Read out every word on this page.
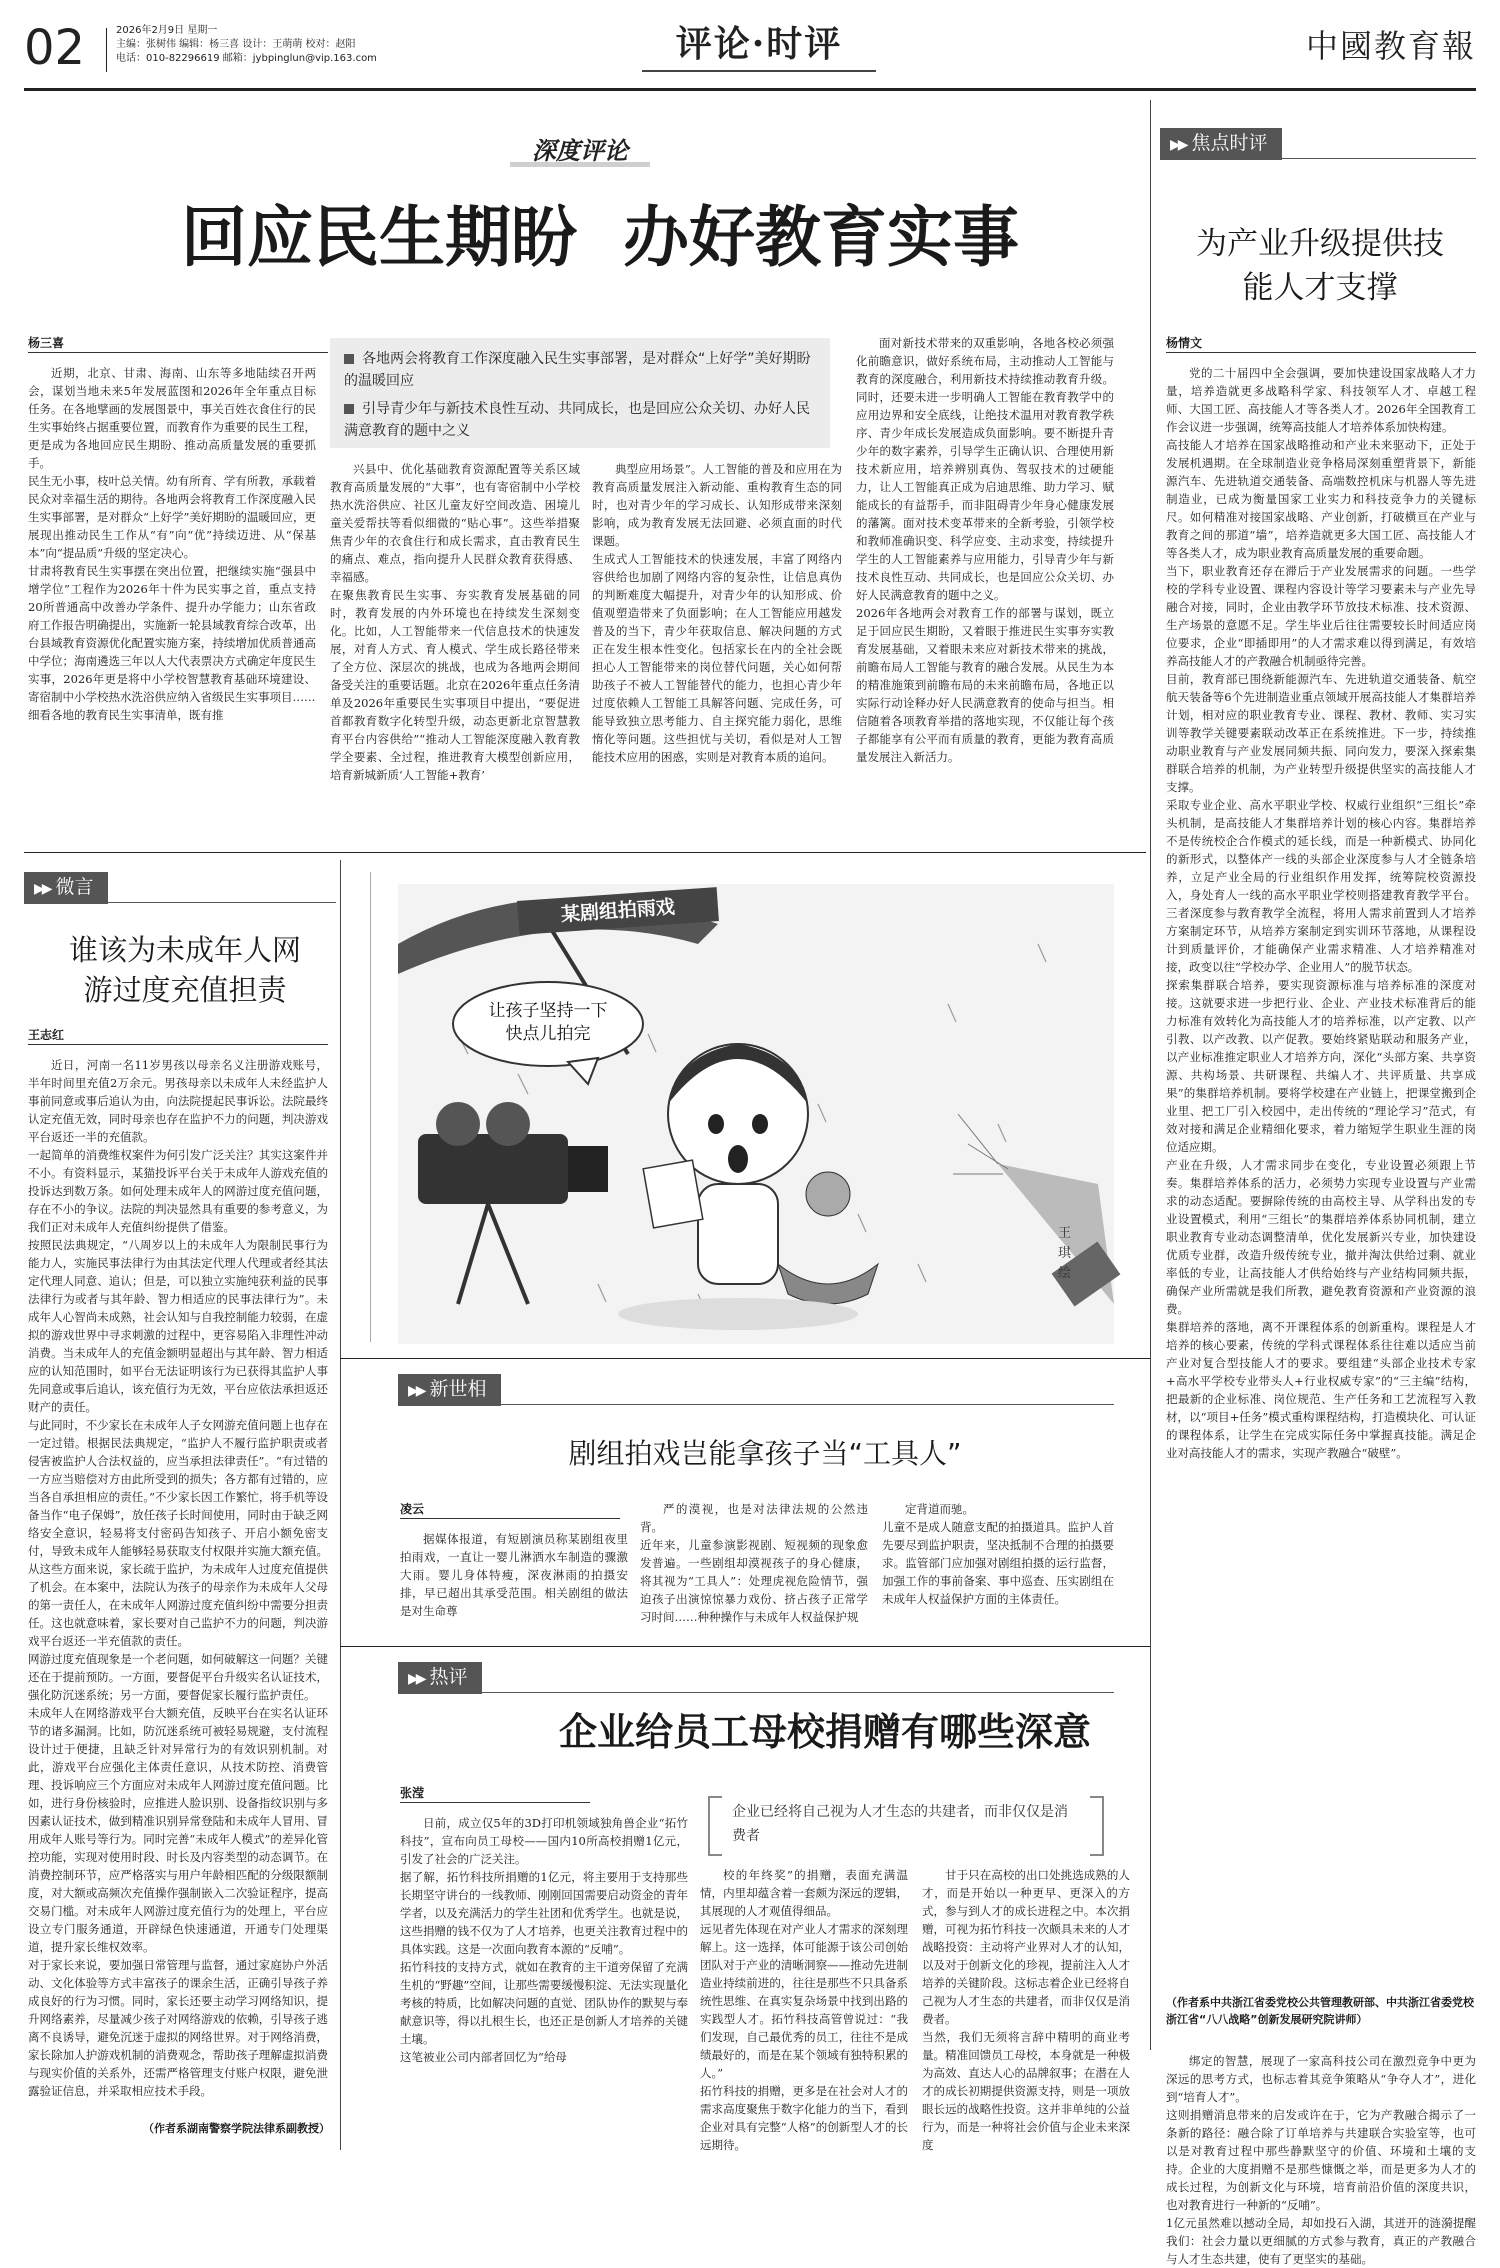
02	2026年2月9日 星期一
主编：张树伟 编辑：杨三喜 设计：王萌萌 校对：赵阳
电话：010-82296619 邮箱：jybpinglun@vip.163.com	评论·时评	中國教育報
深度评论
回应民生期盼  办好教育实事
杨三喜
各地两会将教育工作深度融入民生实事部署，是对群众“上好学”美好期盼的温暖回应
引导青少年与新技术良性互动、共同成长，也是回应公众关切、办好人民满意教育的题中之义
近期，北京、甘肃、海南、山东等多地陆续召开两会，谋划当地未来5年发展蓝图和2026年全年重点目标任务。在各地擘画的发展图景中，事关百姓衣食住行的民生实事始终占据重要位置，而教育作为重要的民生工程，更是成为各地回应民生期盼、推动高质量发展的重要抓手。
民生无小事，枝叶总关情。幼有所育、学有所教，承载着民众对幸福生活的期待。各地两会将教育工作深度融入民生实事部署，是对群众“上好学”美好期盼的温暖回应，更展现出推动民生工作从“有”向“优”持续迈进、从“保基本”向“提品质”升级的坚定决心。
甘肃将教育民生实事摆在突出位置，把继续实施“强县中增学位”工程作为2026年十件为民实事之首，重点支持20所普通高中改善办学条件、提升办学能力；山东省政府工作报告明确提出，实施新一轮县域教育综合改革，出台县域教育资源优化配置实施方案，持续增加优质普通高中学位；海南遴选三年以人大代表票决方式确定年度民生实事，2026年更是将中小学校智慧教育基础环境建设、寄宿制中小学校热水洗浴供应纳入省级民生实事项目……
细看各地的教育民生实事清单，既有推
兴县中、优化基础教育资源配置等关系区域教育高质量发展的“大事”，也有寄宿制中小学校热水洗浴供应、社区儿童友好空间改造、困境儿童关爱帮扶等看似细微的“贴心事”。这些举措聚焦青少年的衣食住行和成长需求，直击教育民生的痛点、难点，指向提升人民群众教育获得感、幸福感。
在聚焦教育民生实事、夯实教育发展基础的同时，教育发展的内外环境也在持续发生深刻变化。比如，人工智能带来一代信息技术的快速发展，对育人方式、育人模式、学生成长路径带来了全方位、深层次的挑战，也成为各地两会期间备受关注的重要话题。北京在2026年重点任务清单及2026年重要民生实事项目中提出，“要促进首都教育数字化转型升级，动态更新北京智慧教育平台内容供给”“推动人工智能深度融入教育教学全要素、全过程，推进教育大模型创新应用，培育新城新质‘人工智能+教育’
典型应用场景”。人工智能的普及和应用在为教育高质量发展注入新动能、重构教育生态的同时，也对青少年的学习成长、认知形成带来深刻影响，成为教育发展无法回避、必须直面的时代课题。
生成式人工智能技术的快速发展，丰富了网络内容供给也加剧了网络内容的复杂性，让信息真伪的判断难度大幅提升，对青少年的认知形成、价值观塑造带来了负面影响；在人工智能应用越发普及的当下，青少年获取信息、解决问题的方式正在发生根本性变化。包括家长在内的全社会既担心人工智能带来的岗位替代问题，关心如何帮助孩子不被人工智能替代的能力，也担心青少年过度依赖人工智能工具解答问题、完成任务，可能导致独立思考能力、自主探究能力弱化，思维惰化等问题。这些担忧与关切，看似是对人工智能技术应用的困惑，实则是对教育本质的追问。
面对新技术带来的双重影响，各地各校必须强化前瞻意识，做好系统布局，主动推动人工智能与教育的深度融合，利用新技术持续推动教育升级。同时，还要未进一步明确人工智能在教育教学中的应用边界和安全底线，让绝技术温用对教育教学秩序、青少年成长发展造成负面影响。要不断提升青少年的数字素养，引导学生正确认识、合理使用新技术新应用，培养辨别真伪、驾驭技术的过硬能力，让人工智能真正成为启迪思维、助力学习、赋能成长的有益帮手，而非阻碍青少年身心健康发展的藩篱。面对技术变革带来的全新考验，引领学校和教师准确识变、科学应变、主动求变，持续提升学生的人工智能素养与应用能力，引导青少年与新技术良性互动、共同成长，也是回应公众关切、办好人民满意教育的题中之义。
2026年各地两会对教育工作的部署与谋划，既立足于回应民生期盼，又着眼于推进民生实事夯实教育发展基础，又着眼未来应对新技术带来的挑战，前瞻布局人工智能与教育的融合发展。从民生为本的精准施策到前瞻布局的未来前瞻布局，各地正以实际行动诠释办好人民满意教育的使命与担当。相信随着各项教育举措的落地实现，不仅能让每个孩子都能享有公平而有质量的教育，更能为教育高质量发展注入新活力。
▶▶ 焦点时评
为产业升级提供技能人才支撑
杨情文
党的二十届四中全会强调，要加快建设国家战略人才力量，培养造就更多战略科学家、科技领军人才、卓越工程师、大国工匠、高技能人才等各类人才。2026年全国教育工作会议进一步强调，统筹高技能人才培养体系加快构建。
高技能人才培养在国家战略推动和产业未来驱动下，正处于发展机遇期。在全球制造业竞争格局深刻重塑背景下，新能源汽车、先进轨道交通装备、高端数控机床与机器人等先进制造业，已成为衡量国家工业实力和科技竞争力的关键标尺。如何精准对接国家战略、产业创新，打破横亘在产业与教育之间的那道“墙”，培养造就更多大国工匠、高技能人才等各类人才，成为职业教育高质量发展的重要命题。
当下，职业教育还存在滞后于产业发展需求的问题。一些学校的学科专业设置、课程内容设计等学习要素未与产业先导融合对接，同时，企业由教学环节放技术标准、技术资源、生产场景的意愿不足。学生毕业后往往需要较长时间适应岗位要求，企业“即插即用”的人才需求难以得到满足，有效培养高技能人才的产教融合机制亟待完善。
目前，教育部已围绕新能源汽车、先进轨道交通装备、航空航天装备等6个先进制造业重点领域开展高技能人才集群培养计划，相对应的职业教育专业、课程、教材、教师、实习实训等教学关键要素联动改革正在系统推进。下一步，持续推动职业教育与产业发展同频共振、同向发力，要深入探索集群联合培养的机制，为产业转型升级提供坚实的高技能人才支撑。
采取专业企业、高水平职业学校、权威行业组织“三组长”牵头机制，是高技能人才集群培养计划的核心内容。集群培养不是传统校企合作模式的延长线，而是一种新模式、协同化的新形式，以整体产一线的头部企业深度参与人才全链条培养，立足产业全局的行业组织作用发挥，统筹院校资源投入，身处育人一线的高水平职业学校则搭建教育教学平台。三者深度参与教育教学全流程，将用人需求前置到人才培养方案制定环节，从培养方案制定到实训环节落地，从课程设计到质量评价，才能确保产业需求精准、人才培养精准对接，政变以往“学校办学、企业用人”的脱节状态。
探索集群联合培养，要实现资源标准与培养标准的深度对接。这就要求进一步把行业、企业、产业技术标准背后的能力标准有效转化为高技能人才的培养标准，以产定教、以产引教、以产改教、以产促教。要始终紧贴联动和服务产业，以产业标准推定职业人才培养方向，深化“头部方案、共享资源、共构场景、共研课程、共编人才、共评质量、共享成果”的集群培养机制。要将学校建在产业链上，把课堂搬到企业里、把工厂引入校园中，走出传统的“理论学习”范式，有效对接和满足企业精细化要求，着力缩短学生职业生涯的岗位适应期。
产业在升级，人才需求同步在变化，专业设置必须跟上节奏。集群培养体系的活力，必须势力实现专业设置与产业需求的动态适配。要摒除传统的由高校主导、从学科出发的专业设置模式，利用“三组长”的集群培养体系协同机制，建立职业教育专业动态调整清单，优化发展新兴专业，加快建设优质专业群，改造升级传统专业，撤并淘汰供给过剩、就业率低的专业，让高技能人才供给始终与产业结构同频共振，确保产业所需就是我们所教，避免教育资源和产业资源的浪费。
集群培养的落地，离不开课程体系的创新重构。课程是人才培养的核心要素，传统的学科式课程体系往往难以适应当前产业对复合型技能人才的要求。要组建“头部企业技术专家+高水平学校专业带头人+行业权威专家”的“三主编”结构，把最新的企业标准、岗位规范、生产任务和工艺流程写入教材，以“项目+任务”模式重构课程结构，打造模块化、可认证的课程体系，让学生在完成实际任务中掌握真技能。满足企业对高技能人才的需求，实现产教融合“破壁”。
（作者系中共浙江省委党校公共管理教研部、中共浙江省委党校浙江省“八八战略”创新发展研究院讲师）
▶▶ 微言
谁该为未成年人网游过度充值担责
王志红
近日，河南一名11岁男孩以母亲名义注册游戏账号，半年时间里充值2万余元。男孩母亲以未成年人未经监护人事前同意或事后追认为由，向法院提起民事诉讼。法院最终认定充值无效，同时母亲也存在监护不力的问题，判决游戏平台返还一半的充值款。
一起简单的消费维权案件为何引发广泛关注？其实这案件并不小。有资料显示，某猫投诉平台关于未成年人游戏充值的投诉达到数万条。如何处理未成年人的网游过度充值问题，存在不小的争议。法院的判决显然具有重要的参考意义，为我们正对未成年人充值纠纷提供了借鉴。
按照民法典规定，“八周岁以上的未成年人为限制民事行为能力人，实施民事法律行为由其法定代理人代理或者经其法定代理人同意、追认；但是，可以独立实施纯获利益的民事法律行为或者与其年龄、智力相适应的民事法律行为”。未成年人心智尚未成熟，社会认知与自我控制能力较弱，在虚拟的游戏世界中寻求刺激的过程中，更容易陷入非理性冲动消费。当未成年人的充值金额明显超出与其年龄、智力相适应的认知范围时，如平台无法证明该行为已获得其监护人事先同意或事后追认，该充值行为无效，平台应依法承担返还财产的责任。
与此同时，不少家长在未成年人子女网游充值问题上也存在一定过错。根据民法典规定，“监护人不履行监护职责或者侵害被监护人合法权益的，应当承担法律责任”。“有过错的一方应当赔偿对方由此所受到的损失；各方都有过错的，应当各自承担相应的责任。”不少家长因工作繁忙，将手机等设备当作“电子保姆”，放任孩子长时间使用，同时由于缺乏网络安全意识，轻易将支付密码告知孩子、开启小额免密支付，导致未成年人能够轻易获取支付权限并实施大额充值。从这些方面来说，家长疏于监护，为未成年人过度充值提供了机会。在本案中，法院认为孩子的母亲作为未成年人父母的第一责任人，在未成年人网游过度充值纠纷中需要分担责任。这也就意味着，家长要对自己监护不力的问题，判决游戏平台返还一半充值款的责任。
网游过度充值现象是一个老问题，如何破解这一问题？关键还在于提前预防。一方面，要督促平台升级实名认证技术，强化防沉迷系统；另一方面，要督促家长履行监护责任。
未成年人在网络游戏平台大额充值，反映平台在实名认证环节的诸多漏洞。比如，防沉迷系统可被轻易规避，支付流程设计过于便捷，且缺乏针对异常行为的有效识别机制。对此，游戏平台应强化主体责任意识，从技术防控、消费管理、投诉响应三个方面应对未成年人网游过度充值问题。比如，进行身份核验时，应推进人脸识别、设备指纹识别与多因素认证技术，做到精准识别异常登陆和未成年人冒用、冒用成年人账号等行为。同时完善“未成年人模式”的差异化管控功能，实现对使用时段、时长及内容类型的动态调节。在消费控制环节，应严格落实与用户年龄相匹配的分级限额制度，对大额或高频次充值操作强制嵌入二次验证程序，提高交易门槛。对未成年人网游过度充值行为的处理上，平台应设立专门服务通道，开辟绿色快速通道，开通专门处理渠道，提升家长维权效率。
对于家长来说，要加强日常管理与监督，通过家庭协户外活动、文化体验等方式丰富孩子的课余生活，正确引导孩子养成良好的行为习惯。同时，家长还要主动学习网络知识，提升网络素养，尽量减少孩子对网络游戏的依赖，引导孩子逃离不良诱导，避免沉迷于虚拟的网络世界。对于网络消费，家长除加人护游戏机制的消费观念，帮助孩子理解虚拟消费与现实价值的关系外，还需严格管理支付账户权限，避免泄露验证信息，并采取相应技术手段。
（作者系湖南警察学院法律系副教授）
某剧组拍雨戏
让孩子坚持一下快点儿拍完
王琪 绘
▶▶ 新世相
剧组拍戏岂能拿孩子当“工具人”
凌云
据媒体报道，有短剧演员称某剧组夜里拍雨戏，一直让一婴儿淋洒水车制造的骤激大雨。婴儿身体特瘦，深夜淋雨的拍摄安排，早已超出其承受范围。相关剧组的做法是对生命尊
严的漠视，也是对法律法规的公然违背。
近年来，儿童参演影视剧、短视频的现象愈发普遍。一些剧组却漠视孩子的身心健康，将其视为“工具人”：处理虎视危险情节，强迫孩子出演惊惊暴力戏份、挤占孩子正常学习时间……种种操作与未成年人权益保护规
定背道而驰。
儿童不是成人随意支配的拍摄道具。监护人首先要尽到监护职责，坚决抵制不合理的拍摄要求。监管部门应加强对剧组拍摄的运行监督，加强工作的事前备案、事中巡查、压实剧组在未成年人权益保护方面的主体责任。
▶▶ 热评
企业给员工母校捐赠有哪些深意
张滢
企业已经将自己视为人才生态的共建者，而非仅仅是消费者
日前，成立仅5年的3D打印机领域独角兽企业“拓竹科技”，宣布向员工母校——国内10所高校捐赠1亿元，引发了社会的广泛关注。
据了解，拓竹科技所捐赠的1亿元，将主要用于支持那些长期坚守讲台的一线教师、刚刚回国需要启动资金的青年学者，以及充满活力的学生社团和优秀学生。也就是说，这些捐赠的钱不仅为了人才培养，也更关注教育过程中的具体实践。这是一次面向教育本源的“反哺”。
拓竹科技的支持方式，就如在教育的主干道旁保留了充满生机的“野趣”空间，让那些需要缓慢积淀、无法实现量化考核的特质，比如解决问题的直觉、团队协作的默契与奉献意识等，得以扎根生长，也还正是创新人才培养的关键土壤。
这笔被业公司内部者回忆为“给母
校的年终奖”的捐赠，表面充满温情，内里却蕴含着一套颇为深远的逻辑，其展现的人才观值得细品。
远见者先体现在对产业人才需求的深刻理解上。这一选择，体可能源于该公司创始团队对于产业的清晰洞察——推动先进制造业持续前进的，往往是那些不只具备系统性思维、在真实复杂场景中找到出路的实践型人才。拓竹科技高管曾说过：“我们发现，自己最优秀的员工，往往不是成绩最好的，而是在某个领域有独特积累的人。”
拓竹科技的捐赠，更多是在社会对人才的需求高度聚焦于数字化能力的当下，看到企业对具有完整“人格”的创新型人才的长远期待。
甘于只在高校的出口处挑选成熟的人才，而是开始以一种更早、更深入的方式，参与到人才的成长进程之中。本次捐赠，可视为拓竹科技一次颇具未来的人才战略投资：主动将产业界对人才的认知，以及对于创新文化的珍视，提前注入人才培养的关键阶段。这标志着企业已经将自己视为人才生态的共建者，而非仅仅是消费者。
当然，我们无须将言辞中精明的商业考量。精准回馈员工母校，本身就是一种极为高效、直达人心的品牌叙事；在潜在人才的成长初期提供资源支持，则是一项放眼长远的战略性投资。这并非单纯的公益行为，而是一种将社会价值与企业未来深度
绑定的智慧，展现了一家高科技公司在激烈竞争中更为深远的思考方式，也标志着其竞争策略从“争夺人才”，进化到“培育人才”。
这则捐赠消息带来的启发或许在于，它为产教融合揭示了一条新的路径：融合除了订单培养与共建联合实验室等，也可以是对教育过程中那些静默坚守的价值、环境和土壤的支持。企业的大度捐赠不是那些慷慨之举，而是更多为人才的成长过程，为创新文化与环境，培育前沿价值的深度共识，也对教育进行一种新的“反哺”。
1亿元虽然难以撼动全局，却如投石入湖，其迸开的涟漪提醒我们：社会力量以更细腻的方式参与教育，真正的产教融合与人才生态共建，使有了更坚实的基础。
